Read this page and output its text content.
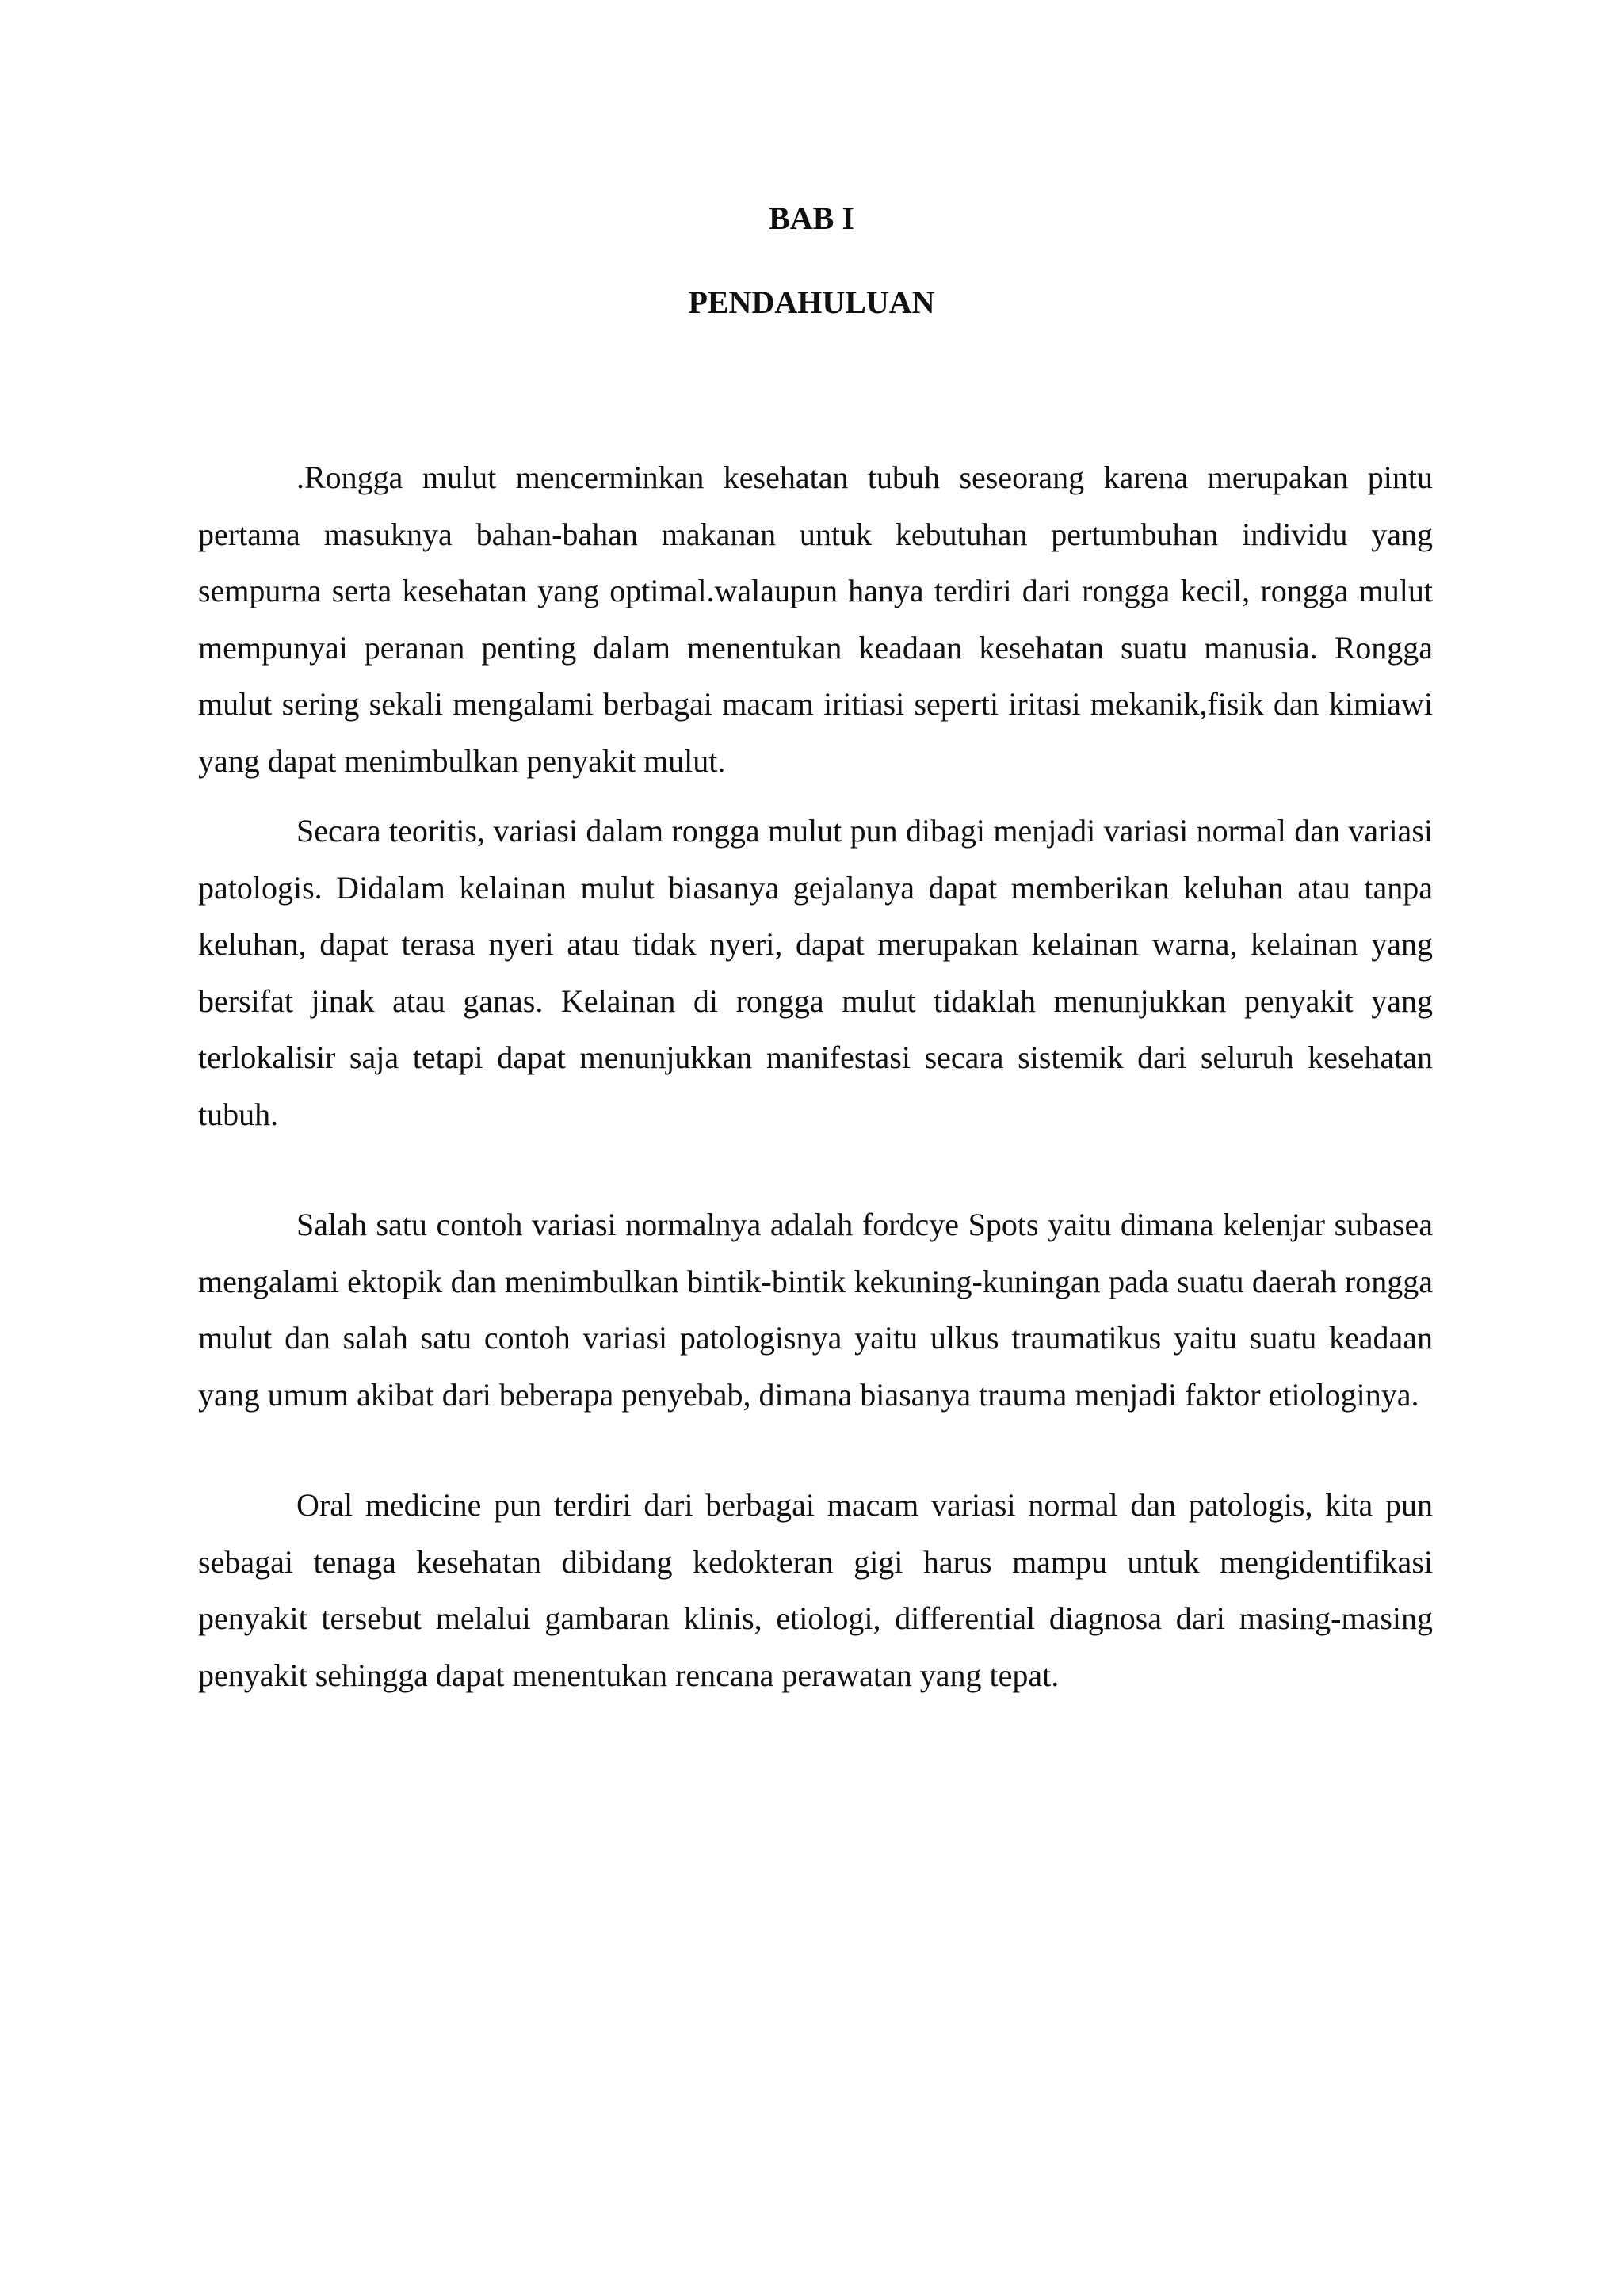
BAB I
PENDAHULUAN

.Rongga mulut mencerminkan kesehatan tubuh seseorang karena merupakan pintu pertama masuknya bahan-bahan makanan untuk kebutuhan pertumbuhan individu yang sempurna serta kesehatan yang optimal.walaupun hanya terdiri dari rongga kecil, rongga mulut mempunyai peranan penting dalam menentukan keadaan kesehatan suatu manusia. Rongga mulut sering sekali mengalami berbagai macam iritiasi seperti iritasi mekanik,fisik dan kimiawi yang dapat menimbulkan penyakit mulut.

Secara teoritis, variasi dalam rongga mulut pun dibagi menjadi variasi normal dan variasi patologis. Didalam kelainan mulut biasanya gejalanya dapat memberikan keluhan atau tanpa keluhan, dapat terasa nyeri atau tidak nyeri, dapat merupakan kelainan warna, kelainan yang bersifat jinak atau ganas. Kelainan di rongga mulut tidaklah menunjukkan penyakit yang terlokalisir saja tetapi dapat menunjukkan manifestasi secara sistemik dari seluruh kesehatan tubuh.

Salah satu contoh variasi normalnya adalah fordcye Spots yaitu dimana kelenjar subasea mengalami ektopik dan menimbulkan bintik-bintik kekuning-kuningan pada suatu daerah rongga mulut dan salah satu contoh variasi patologisnya yaitu ulkus traumatikus yaitu suatu keadaan yang umum akibat dari beberapa penyebab, dimana biasanya trauma menjadi faktor etiologinya.

Oral medicine pun terdiri dari berbagai macam variasi normal dan patologis, kita pun sebagai tenaga kesehatan dibidang kedokteran gigi harus mampu untuk mengidentifikasi penyakit tersebut melalui gambaran klinis, etiologi, differential diagnosa dari masing-masing penyakit sehingga dapat menentukan rencana perawatan yang tepat.
